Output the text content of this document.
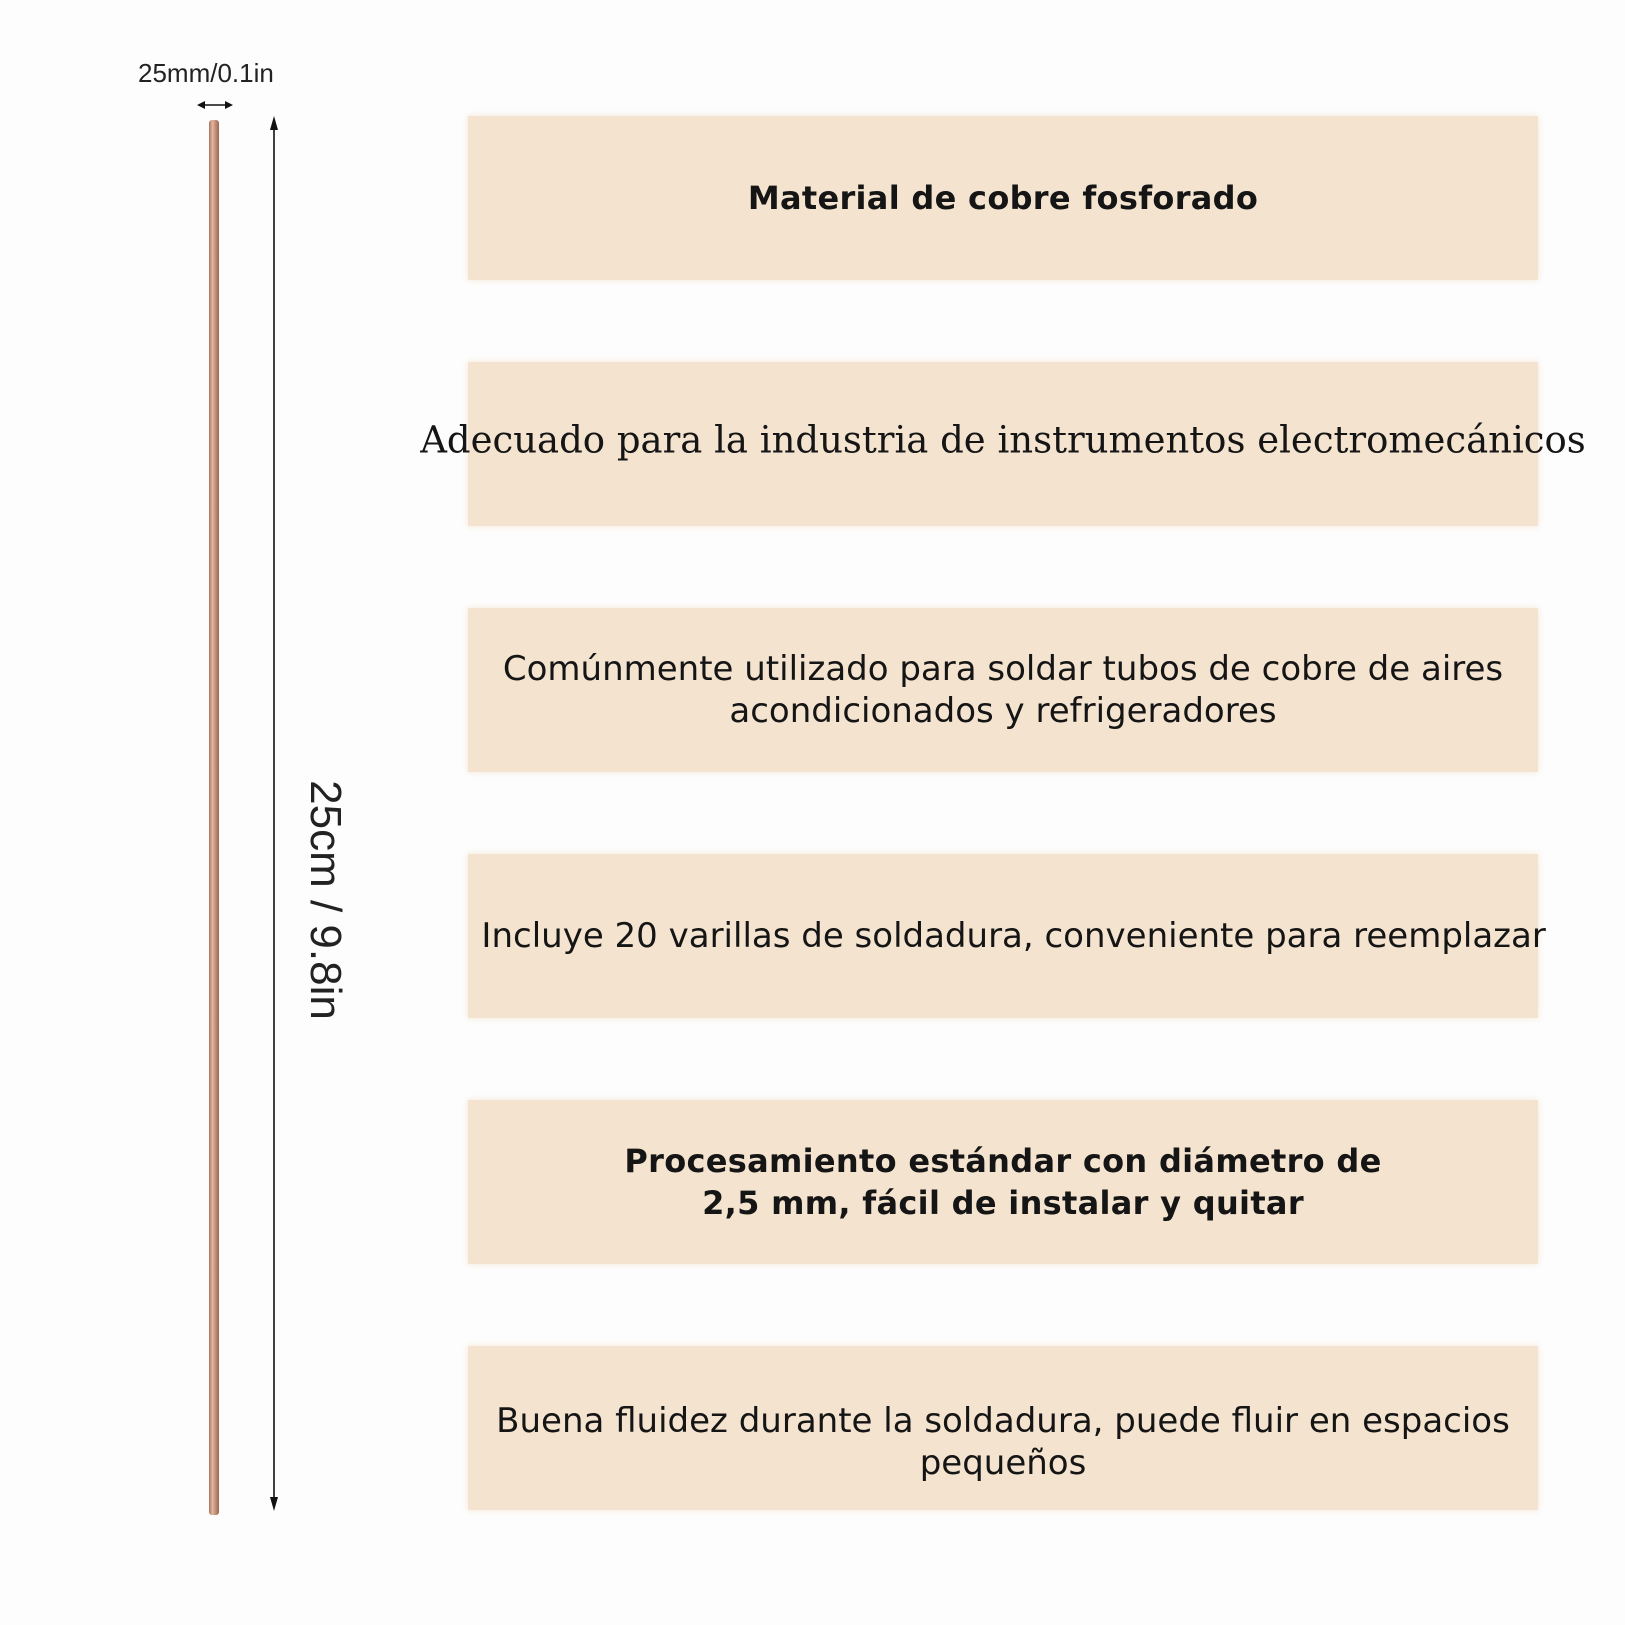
25mm/0.1in
25cm / 9.8in
Material de cobre fosforado
Adecuado para la industria de instrumentos electromecánicos
Comúnmente utilizado para soldar tubos de cobre de aires acondicionados y refrigeradores
Incluye 20 varillas de soldadura, conveniente para reemplazar
Procesamiento estándar con diámetro de 2,5 mm, fácil de instalar y quitar
Buena fluidez durante la soldadura, puede fluir en espacios pequeños
